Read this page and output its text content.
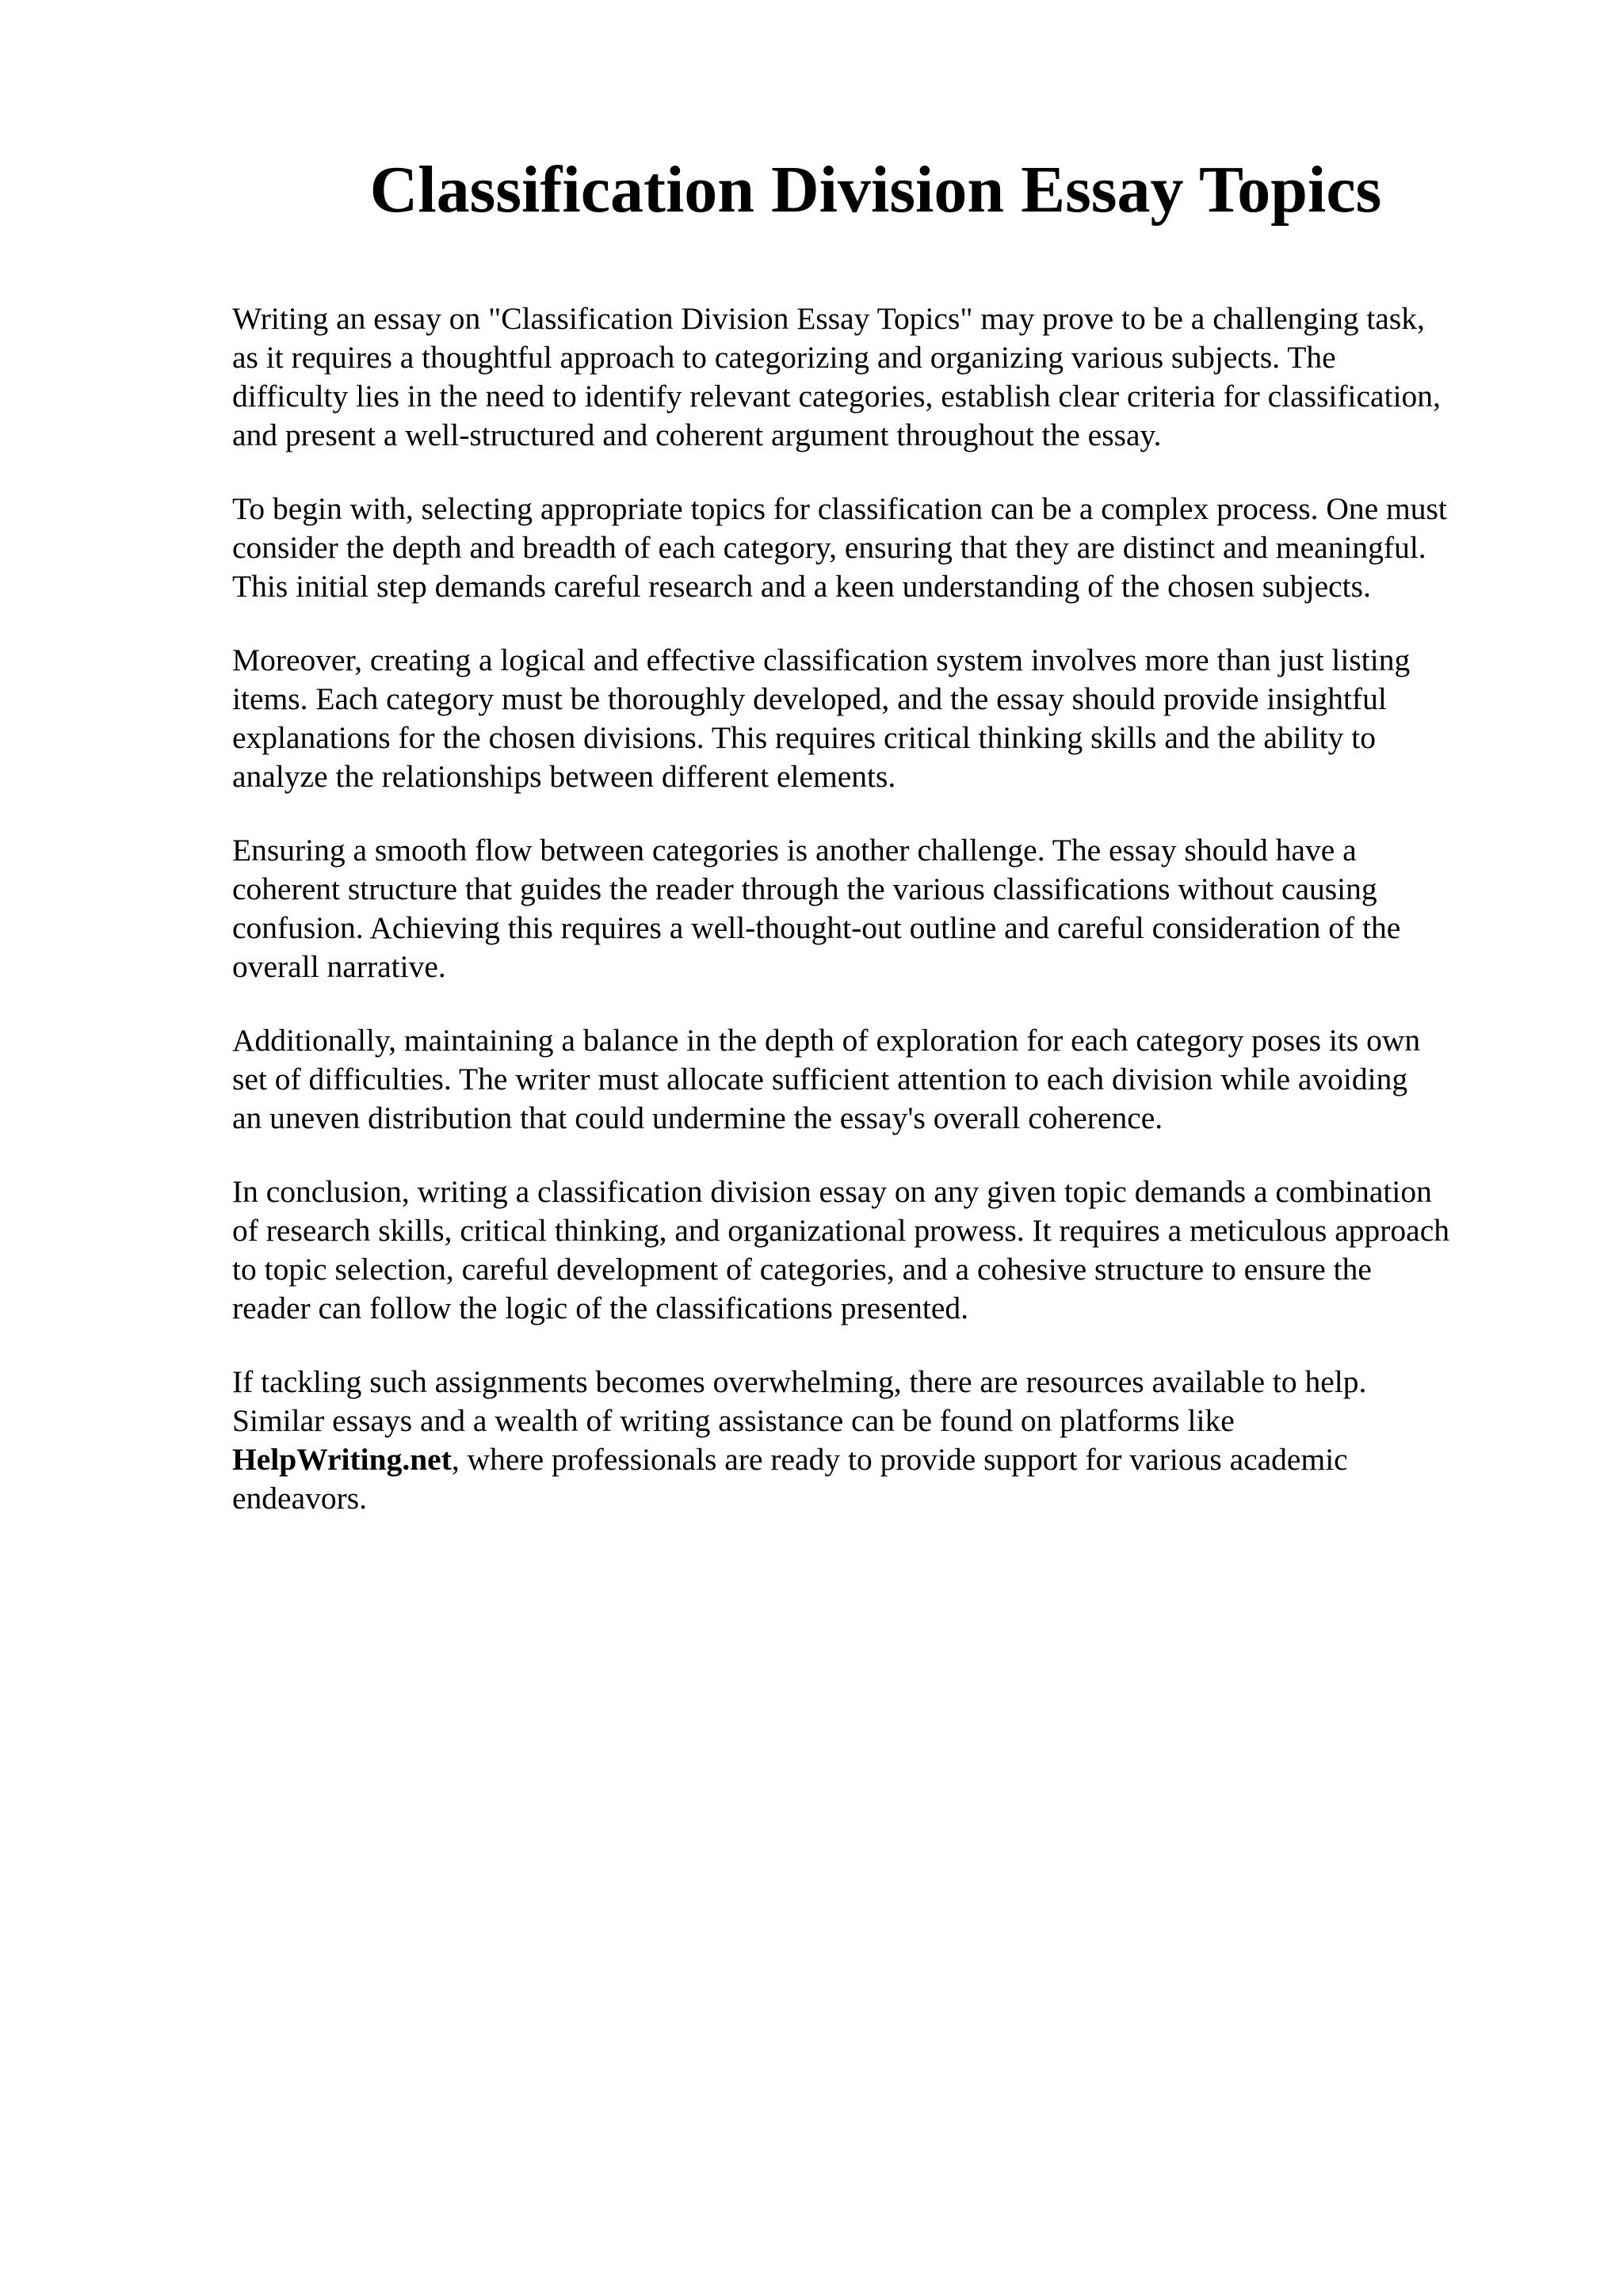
Classification Division Essay Topics

Writing an essay on "Classification Division Essay Topics" may prove to be a challenging task,
as it requires a thoughtful approach to categorizing and organizing various subjects. The
difficulty lies in the need to identify relevant categories, establish clear criteria for classification,
and present a well-structured and coherent argument throughout the essay.

To begin with, selecting appropriate topics for classification can be a complex process. One must
consider the depth and breadth of each category, ensuring that they are distinct and meaningful.
This initial step demands careful research and a keen understanding of the chosen subjects.

Moreover, creating a logical and effective classification system involves more than just listing
items. Each category must be thoroughly developed, and the essay should provide insightful
explanations for the chosen divisions. This requires critical thinking skills and the ability to
analyze the relationships between different elements.

Ensuring a smooth flow between categories is another challenge. The essay should have a
coherent structure that guides the reader through the various classifications without causing
confusion. Achieving this requires a well-thought-out outline and careful consideration of the
overall narrative.

Additionally, maintaining a balance in the depth of exploration for each category poses its own
set of difficulties. The writer must allocate sufficient attention to each division while avoiding
an uneven distribution that could undermine the essay's overall coherence.

In conclusion, writing a classification division essay on any given topic demands a combination
of research skills, critical thinking, and organizational prowess. It requires a meticulous approach
to topic selection, careful development of categories, and a cohesive structure to ensure the
reader can follow the logic of the classifications presented.

If tackling such assignments becomes overwhelming, there are resources available to help.
Similar essays and a wealth of writing assistance can be found on platforms like
HelpWriting.net, where professionals are ready to provide support for various academic
endeavors.
